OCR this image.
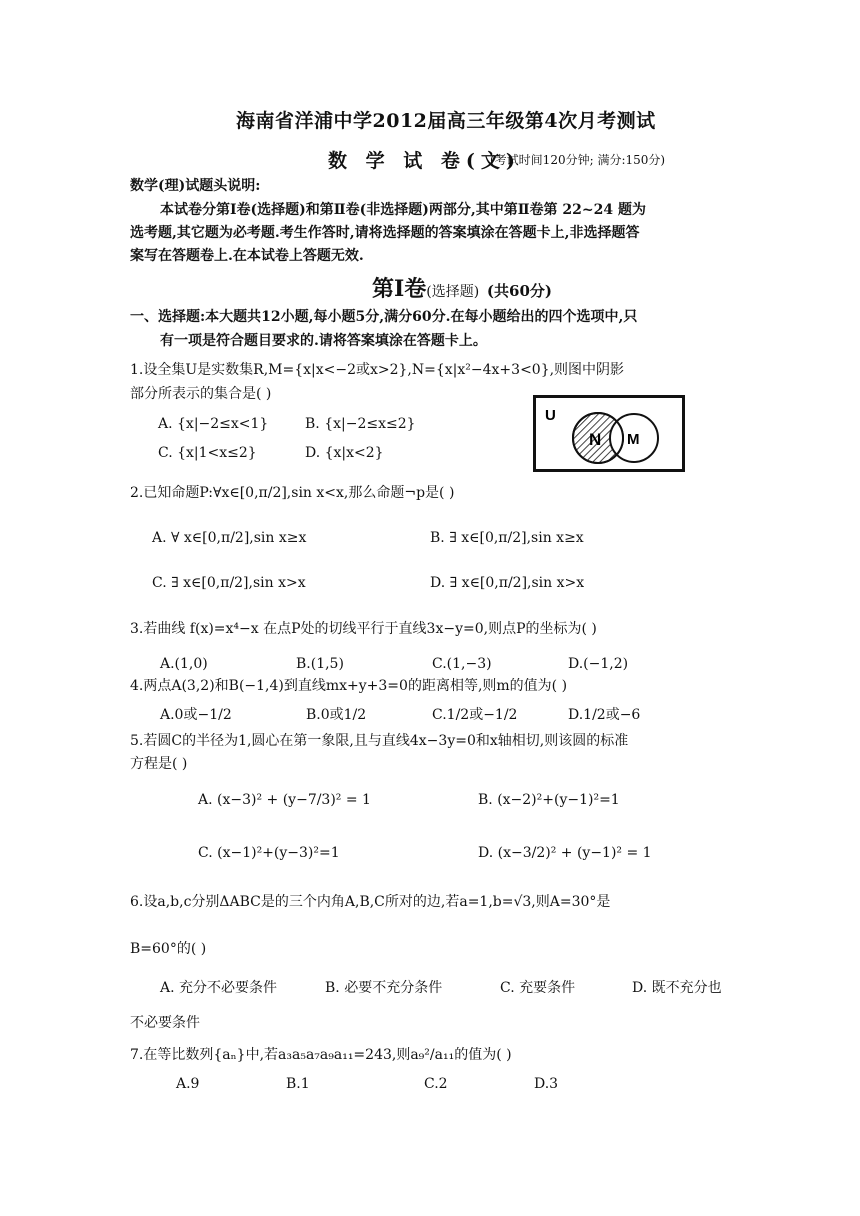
海南省洋浦中学2012届高三年级第4次月考测试
数 学 试 卷(文)
(考试时间120分钟; 满分:150分)
数学(理)试题头说明:
本试卷分第Ⅰ卷(选择题)和第Ⅱ卷(非选择题)两部分,其中第Ⅱ卷第 22~24 题为
选考题,其它题为必考题.考生作答时,请将选择题的答案填涂在答题卡上,非选择题答
案写在答题卷上.在本试卷上答题无效.
第Ⅰ卷(选择题) (共60分)
一、选择题:本大题共12小题,每小题5分,满分60分.在每小题给出的四个选项中,只
有一项是符合题目要求的.请将答案填涂在答题卡上。
1.设全集U是实数集R,M={x|x<−2或x>2},N={x|x²−4x+3<0},则图中阴影
部分所表示的集合是( )
A. {x|−2≤x<1}	B. {x|−2≤x≤2}
C. {x|1<x≤2}	D. {x|x<2}
U
N M
2.已知命题P:∀x∈[0,π/2],sin x<x,那么命题¬p是( )
A. ∀ x∈[0,π/2],sin x≥x	B. ∃ x∈[0,π/2],sin x≥x
C. ∃ x∈[0,π/2],sin x>x	D. ∃ x∈[0,π/2],sin x>x
3.若曲线 f(x)=x⁴−x 在点P处的切线平行于直线3x−y=0,则点P的坐标为( )
A.(1,0)	B.(1,5)	C.(1,−3)	D.(−1,2)
4.两点A(3,2)和B(−1,4)到直线mx+y+3=0的距离相等,则m的值为( )
A.0或−1/2	B.0或1/2	C.1/2或−1/2	D.1/2或−6
5.若圆C的半径为1,圆心在第一象限,且与直线4x−3y=0和x轴相切,则该圆的标准
方程是( )
A. (x−3)² + (y−7/3)² = 1	B. (x−2)²+(y−1)²=1
C. (x−1)²+(y−3)²=1	D. (x−3/2)² + (y−1)² = 1
6.设a,b,c分别ΔABC是的三个内角A,B,C所对的边,若a=1,b=√3,则A=30°是
B=60°的( )
A. 充分不必要条件	B. 必要不充分条件	C. 充要条件	D. 既不充分也
不必要条件
7.在等比数列{aₙ}中,若a₃a₅a₇a₉a₁₁=243,则a₉²/a₁₁的值为( )
A.9	B.1	C.2	D.3
